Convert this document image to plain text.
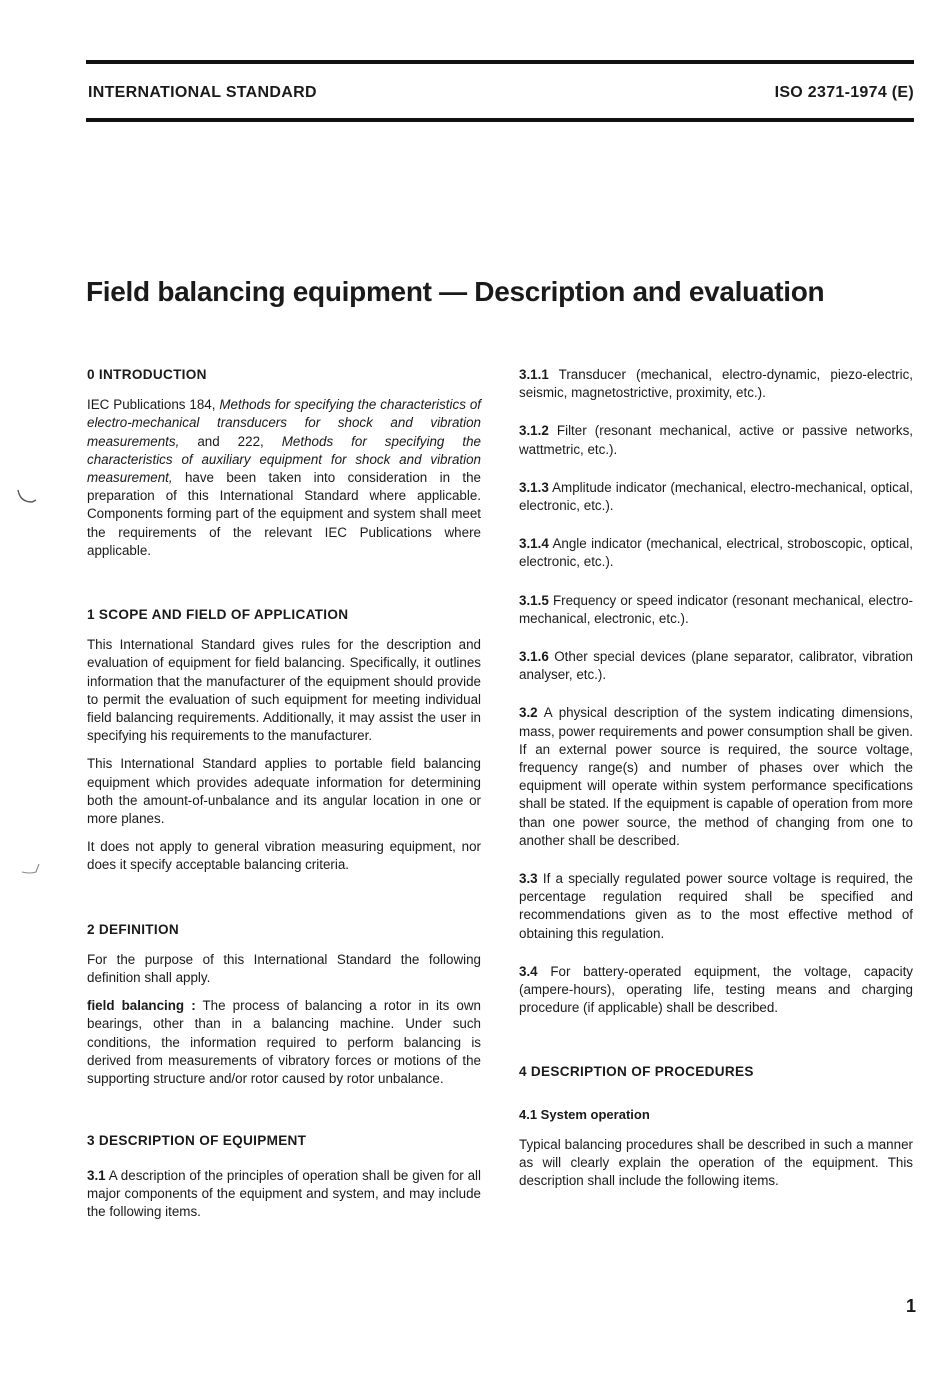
INTERNATIONAL STANDARD	ISO 2371-1974 (E)
Field balancing equipment — Description and evaluation
0 INTRODUCTION

IEC Publications 184, Methods for specifying the characteristics of electro-mechanical transducers for shock and vibration measurements, and 222, Methods for specifying the characteristics of auxiliary equipment for shock and vibration measurement, have been taken into consideration in the preparation of this International Standard where applicable. Components forming part of the equipment and system shall meet the requirements of the relevant IEC Publications where applicable.

1 SCOPE AND FIELD OF APPLICATION

This International Standard gives rules for the description and evaluation of equipment for field balancing. Specifically, it outlines information that the manufacturer of the equipment should provide to permit the evaluation of such equipment for meeting individual field balancing requirements. Additionally, it may assist the user in specifying his requirements to the manufacturer.

This International Standard applies to portable field balancing equipment which provides adequate information for determining both the amount-of-unbalance and its angular location in one or more planes.

It does not apply to general vibration measuring equipment, nor does it specify acceptable balancing criteria.

2 DEFINITION

For the purpose of this International Standard the following definition shall apply.

field balancing : The process of balancing a rotor in its own bearings, other than in a balancing machine. Under such conditions, the information required to perform balancing is derived from measurements of vibratory forces or motions of the supporting structure and/or rotor caused by rotor unbalance.

3 DESCRIPTION OF EQUIPMENT

3.1 A description of the principles of operation shall be given for all major components of the equipment and system, and may include the following items.

3.1.1 Transducer (mechanical, electro-dynamic, piezo-electric, seismic, magnetostrictive, proximity, etc.).

3.1.2 Filter (resonant mechanical, active or passive networks, wattmetric, etc.).

3.1.3 Amplitude indicator (mechanical, electro-mechanical, optical, electronic, etc.).

3.1.4 Angle indicator (mechanical, electrical, stroboscopic, optical, electronic, etc.).

3.1.5 Frequency or speed indicator (resonant mechanical, electro-mechanical, electronic, etc.).

3.1.6 Other special devices (plane separator, calibrator, vibration analyser, etc.).

3.2 A physical description of the system indicating dimensions, mass, power requirements and power consumption shall be given. If an external power source is required, the source voltage, frequency range(s) and number of phases over which the equipment will operate within system performance specifications shall be stated. If the equipment is capable of operation from more than one power source, the method of changing from one to another shall be described.

3.3 If a specially regulated power source voltage is required, the percentage regulation required shall be specified and recommendations given as to the most effective method of obtaining this regulation.

3.4 For battery-operated equipment, the voltage, capacity (ampere-hours), operating life, testing means and charging procedure (if applicable) shall be described.

4 DESCRIPTION OF PROCEDURES
4.1 System operation

Typical balancing procedures shall be described in such a manner as will clearly explain the operation of the equipment. This description shall include the following items.

1
